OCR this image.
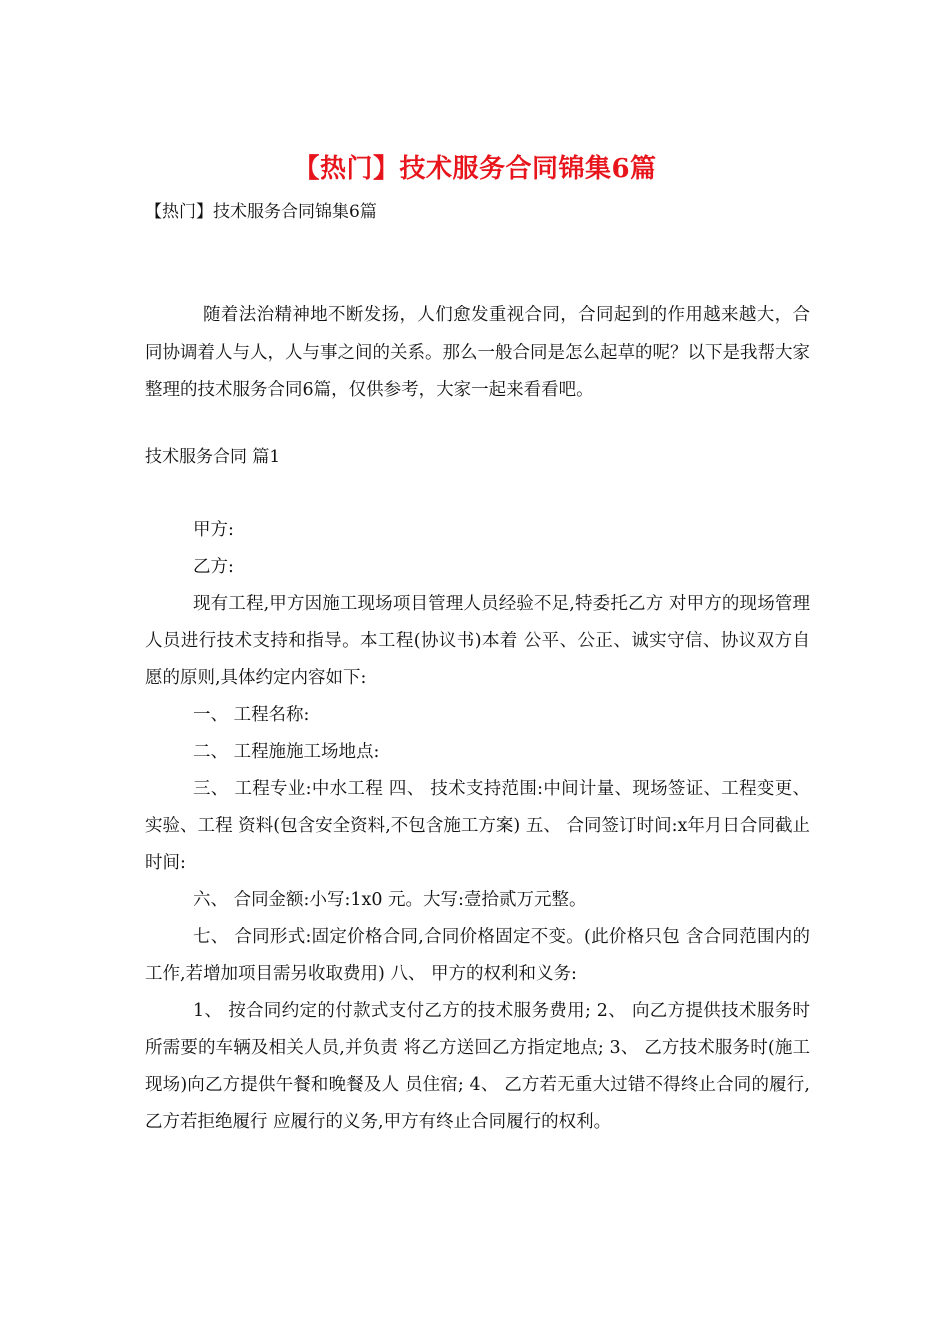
【热门】技术服务合同锦集6篇
【热门】技术服务合同锦集6篇
随着法治精神地不断发扬，人们愈发重视合同，合同起到的作用越来越大，合同协调着人与人，人与事之间的关系。那么一般合同是怎么起草的呢？以下是我帮大家整理的技术服务合同6篇，仅供参考，大家一起来看看吧。
技术服务合同 篇1

甲方:

乙方:

现有工程,甲方因施工现场项目管理人员经验不足,特委托乙方 对甲方的现场管理人员进行技术支持和指导。本工程(协议书)本着 公平、公正、诚实守信、协议双方自愿的原则,具体约定内容如下:

一、 工程名称:

二、 工程施施工场地点:

三、 工程专业:中水工程 四、 技术支持范围:中间计量、现场签证、工程变更、实验、工程 资料(包含安全资料,不包含施工方案) 五、 合同签订时间:x年月日合同截止时间:

六、 合同金额:小写:1x0 元。大写:壹拾贰万元整。

七、 合同形式:固定价格合同,合同价格固定不变。(此价格只包 含合同范围内的工作,若增加项目需另收取费用) 八、 甲方的权利和义务:

1、 按合同约定的付款式支付乙方的技术服务费用; 2、 向乙方提供技术服务时所需要的车辆及相关人员,并负责 将乙方送回乙方指定地点; 3、 乙方技术服务时(施工现场)向乙方提供午餐和晚餐及人 员住宿; 4、 乙方若无重大过错不得终止合同的履行,乙方若拒绝履行 应履行的义务,甲方有终止合同履行的权利。
